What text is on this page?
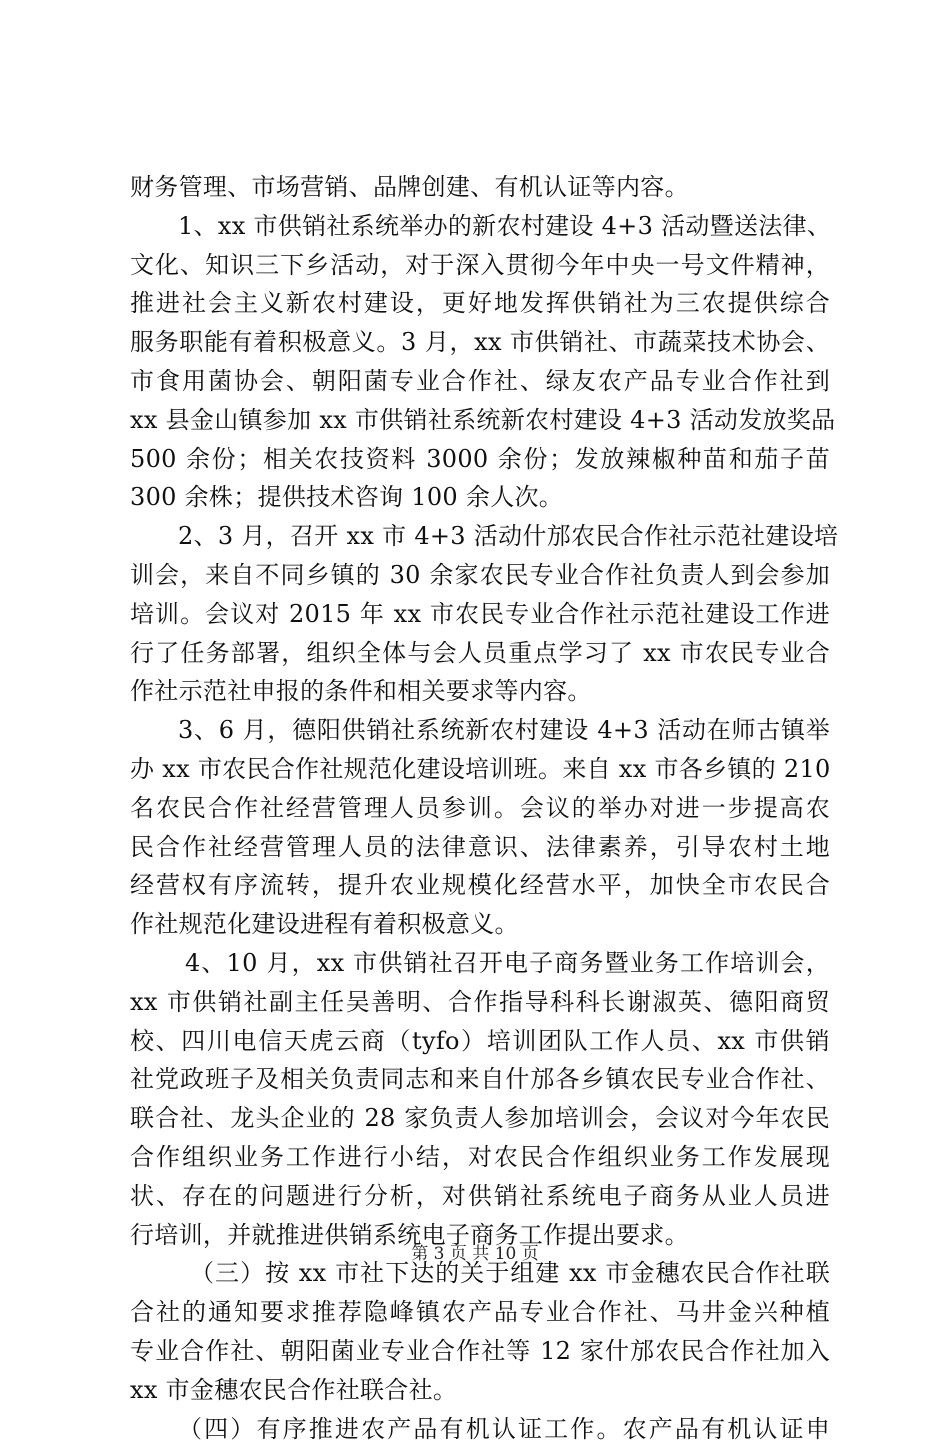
财务管理、市场营销、品牌创建、有机认证等内容。
1、xx 市供销社系统举办的新农村建设 4+3 活动暨送法律、
文化、知识三下乡活动，对于深入贯彻今年中央一号文件精神，
推进社会主义新农村建设，更好地发挥供销社为三农提供综合
服务职能有着积极意义。3 月，xx 市供销社、市蔬菜技术协会、
市食用菌协会、朝阳菌专业合作社、绿友农产品专业合作社到
xx 县金山镇参加 xx 市供销社系统新农村建设 4+3 活动发放奖品
500 余份；相关农技资料 3000 余份；发放辣椒种苗和茄子苗
300 余株；提供技术咨询 100 余人次。
2、3 月，召开 xx 市 4+3 活动什邡农民合作社示范社建设培
训会，来自不同乡镇的 30 余家农民专业合作社负责人到会参加
培训。会议对 2015 年 xx 市农民专业合作社示范社建设工作进
行了任务部署，组织全体与会人员重点学习了 xx 市农民专业合
作社示范社申报的条件和相关要求等内容。
3、6 月，德阳供销社系统新农村建设 4+3 活动在师古镇举
办 xx 市农民合作社规范化建设培训班。来自 xx 市各乡镇的 210
名农民合作社经营管理人员参训。会议的举办对进一步提高农
民合作社经营管理人员的法律意识、法律素养，引导农村土地
经营权有序流转，提升农业规模化经营水平，加快全市农民合
作社规范化建设进程有着积极意义。
4、10 月，xx 市供销社召开电子商务暨业务工作培训会，
xx 市供销社副主任吴善明、合作指导科科长谢淑英、德阳商贸
校、四川电信天虎云商（tyfo）培训团队工作人员、xx 市供销
社党政班子及相关负责同志和来自什邡各乡镇农民专业合作社、
联合社、龙头企业的 28 家负责人参加培训会，会议对今年农民
合作组织业务工作进行小结，对农民合作组织业务工作发展现
状、存在的问题进行分析，对供销社系统电子商务从业人员进
行培训，并就推进供销系统电子商务工作提出要求。
（三）按 xx 市社下达的关于组建 xx 市金穗农民合作社联
合社的通知要求推荐隐峰镇农产品专业合作社、马井金兴种植
专业合作社、朝阳菌业专业合作社等 12 家什邡农民合作社加入
xx 市金穗农民合作社联合社。
（四）有序推进农产品有机认证工作。农产品有机认证申
第 3 页 共 10 页
